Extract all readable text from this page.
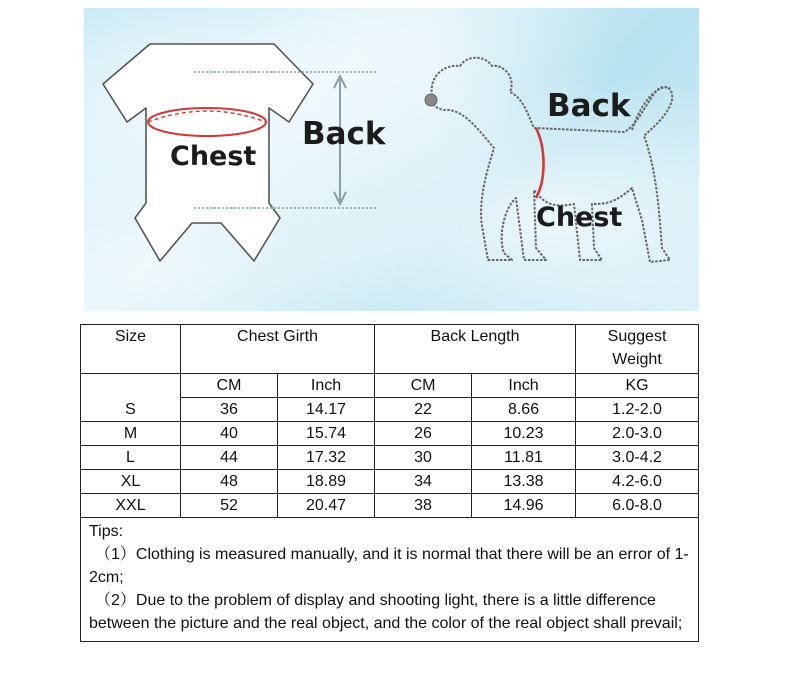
Chest
Back
Back
Chest
Size	Chest Girth		Back Length		Suggest Weight
	CM	Inch	CM	Inch	KG
S	36	14.17	22	8.66	1.2-2.0
M	40	15.74	26	10.23	2.0-3.0
L	44	17.32	30	11.81	3.0-4.2
XL	48	18.89	34	13.38	4.2-6.0
XXL	52	20.47	38	14.96	6.0-8.0

Tips:
（1）Clothing is measured manually, and it is normal that there will be an error of 1-2cm;
（2）Due to the problem of display and shooting light, there is a little difference between the picture and the real object, and the color of the real object shall prevail;					
